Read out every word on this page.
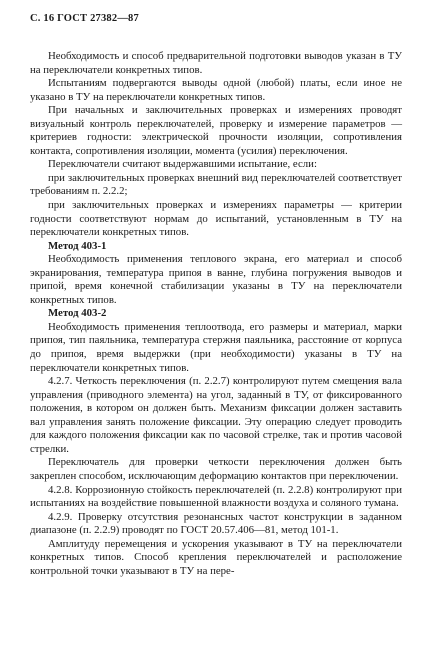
С. 16 ГОСТ 27382—87

Необходимость и способ предварительной подготовки выводов указан в ТУ на переключатели конкретных типов.

Испытаниям подвергаются выводы одной (любой) платы, если иное не указано в ТУ на переключатели конкретных типов.

При начальных и заключительных проверках и измерениях проводят визуальный контроль переключателей, проверку и измерение параметров — критериев годности: электрической прочности изоляции, сопротивления контакта, сопротивления изоляции, момента (усилия) переключения.

Переключатели считают выдержавшими испытание, если:

при заключительных проверках внешний вид переключателей соответствует требованиям п. 2.2.2;

при заключительных проверках и измерениях параметры — критерии годности соответствуют нормам до испытаний, установленным в ТУ на переключатели конкретных типов.

Метод 403-1

Необходимость применения теплового экрана, его материал и способ экранирования, температура припоя в ванне, глубина погружения выводов и припой, время конечной стабилизации указаны в ТУ на переключатели конкретных типов.

Метод 403-2

Необходимость применения теплоотвода, его размеры и материал, марки припоя, тип паяльника, температура стержня паяльника, расстояние от корпуса до припоя, время выдержки (при необходимости) указаны в ТУ на переключатели конкретных типов.

4.2.7. Четкость переключения (п. 2.2.7) контролируют путем смещения вала управления (приводного элемента) на угол, заданный в ТУ, от фиксированного положения, в котором он должен быть. Механизм фиксации должен заставить вал управления занять положение фиксации. Эту операцию следует проводить для каждого положения фиксации как по часовой стрелке, так и против часовой стрелки.

Переключатель для проверки четкости переключения должен быть закреплен способом, исключающим деформацию контактов при переключении.

4.2.8. Коррозионную стойкость переключателей (п. 2.2.8) контролируют при испытаниях на воздействие повышенной влажности воздуха и соляного тумана.

4.2.9. Проверку отсутствия резонансных частот конструкции в заданном диапазоне (п. 2.2.9) проводят по ГОСТ 20.57.406—81, метод 101-1.

Амплитуду перемещения и ускорения указывают в ТУ на переключатели конкретных типов. Способ крепления переключателей и расположение контрольной точки указывают в ТУ на пере-
